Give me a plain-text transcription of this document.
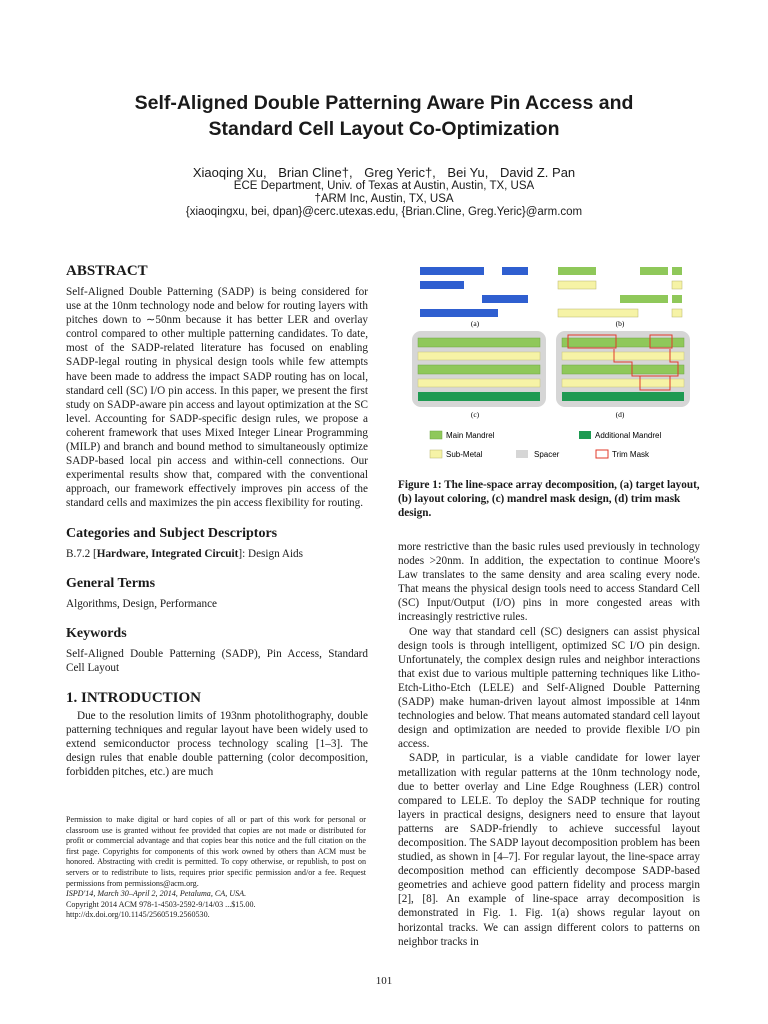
Self-Aligned Double Patterning Aware Pin Access and
Standard Cell Layout Co-Optimization
Xiaoqing Xu, Brian Cline†, Greg Yeric†, Bei Yu, David Z. Pan
ECE Department, Univ. of Texas at Austin, Austin, TX, USA
†ARM Inc, Austin, TX, USA
{xiaoqingxu, bei, dpan}@cerc.utexas.edu, {Brian.Cline, Greg.Yeric}@arm.com
ABSTRACT

Self-Aligned Double Patterning (SADP) is being considered for use at the 10nm technology node and below for routing layers with pitches down to ∼50nm because it has better LER and overlay control compared to other multiple patterning candidates. To date, most of the SADP-related literature has focused on enabling SADP-legal routing in physical design tools while few attempts have been made to address the impact SADP routing has on local, standard cell (SC) I/O pin access. In this paper, we present the first study on SADP-aware pin access and layout optimization at the SC level. Accounting for SADP-specific design rules, we propose a coherent framework that uses Mixed Integer Linear Programming (MILP) and branch and bound method to simultaneously optimize SADP-based local pin access and within-cell connections. Our experimental results show that, compared with the conventional approach, our framework effectively improves pin access of the standard cells and maximizes the pin access flexibility for routing.

Categories and Subject Descriptors

B.7.2 [Hardware, Integrated Circuit]: Design Aids

General Terms

Algorithms, Design, Performance

Keywords

Self-Aligned Double Patterning (SADP), Pin Access, Standard Cell Layout

1. INTRODUCTION

Due to the resolution limits of 193nm photolithography, double patterning techniques and regular layout have been widely used to extend semiconductor process technology scaling [1–3]. The design rules that enable double patterning (color decomposition, forbidden pitches, etc.) are much

Permission to make digital or hard copies of all or part of this work for personal or classroom use is granted without fee provided that copies are not made or distributed for profit or commercial advantage and that copies bear this notice and the full citation on the first page. Copyrights for components of this work owned by others than ACM must be honored. Abstracting with credit is permitted. To copy otherwise, or republish, to post on servers or to redistribute to lists, requires prior specific permission and/or a fee. Request permissions from permissions@acm.org.
ISPD'14, March 30–April 2, 2014, Petaluma, CA, USA.
Copyright 2014 ACM 978-1-4503-2592-9/14/03 ...$15.00.
http://dx.doi.org/10.1145/2560519.2560530.
(a)	(b)
(c)	(d)
Main Mandrel	Additional Mandrel
Sub-Metal	Spacer	Trim Mask
Figure 1: The line-space array decomposition, (a) target layout, (b) layout coloring, (c) mandrel mask design, (d) trim mask design.

more restrictive than the basic rules used previously in technology nodes >20nm. In addition, the expectation to continue Moore's Law translates to the same density and area scaling every node. That means the physical design tools need to access Standard Cell (SC) Input/Output (I/O) pins in more congested areas with increasingly restrictive rules.

One way that standard cell (SC) designers can assist physical design tools is through intelligent, optimized SC I/O pin design. Unfortunately, the complex design rules and neighbor interactions that exist due to various multiple patterning techniques like Litho-Etch-Litho-Etch (LELE) and Self-Aligned Double Patterning (SADP) make human-driven layout almost impossible at 14nm technologies and below. That means automated standard cell layout design and optimization are needed to provide flexible I/O pin access.

SADP, in particular, is a viable candidate for lower layer metallization with regular patterns at the 10nm technology node, due to better overlay and Line Edge Roughness (LER) control compared to LELE. To deploy the SADP technique for routing layers in practical designs, designers need to ensure that layout patterns are SADP-friendly to achieve successful layout decomposition. The SADP layout decomposition problem has been studied, as shown in [4–7]. For regular layout, the line-space array decomposition method can efficiently decompose SADP-based geometries and achieve good pattern fidelity and process margin [2], [8]. An example of line-space array decomposition is demonstrated in Fig. 1. Fig. 1(a) shows regular layout on horizontal tracks. We can assign different colors to patterns on neighbor tracks in

101
